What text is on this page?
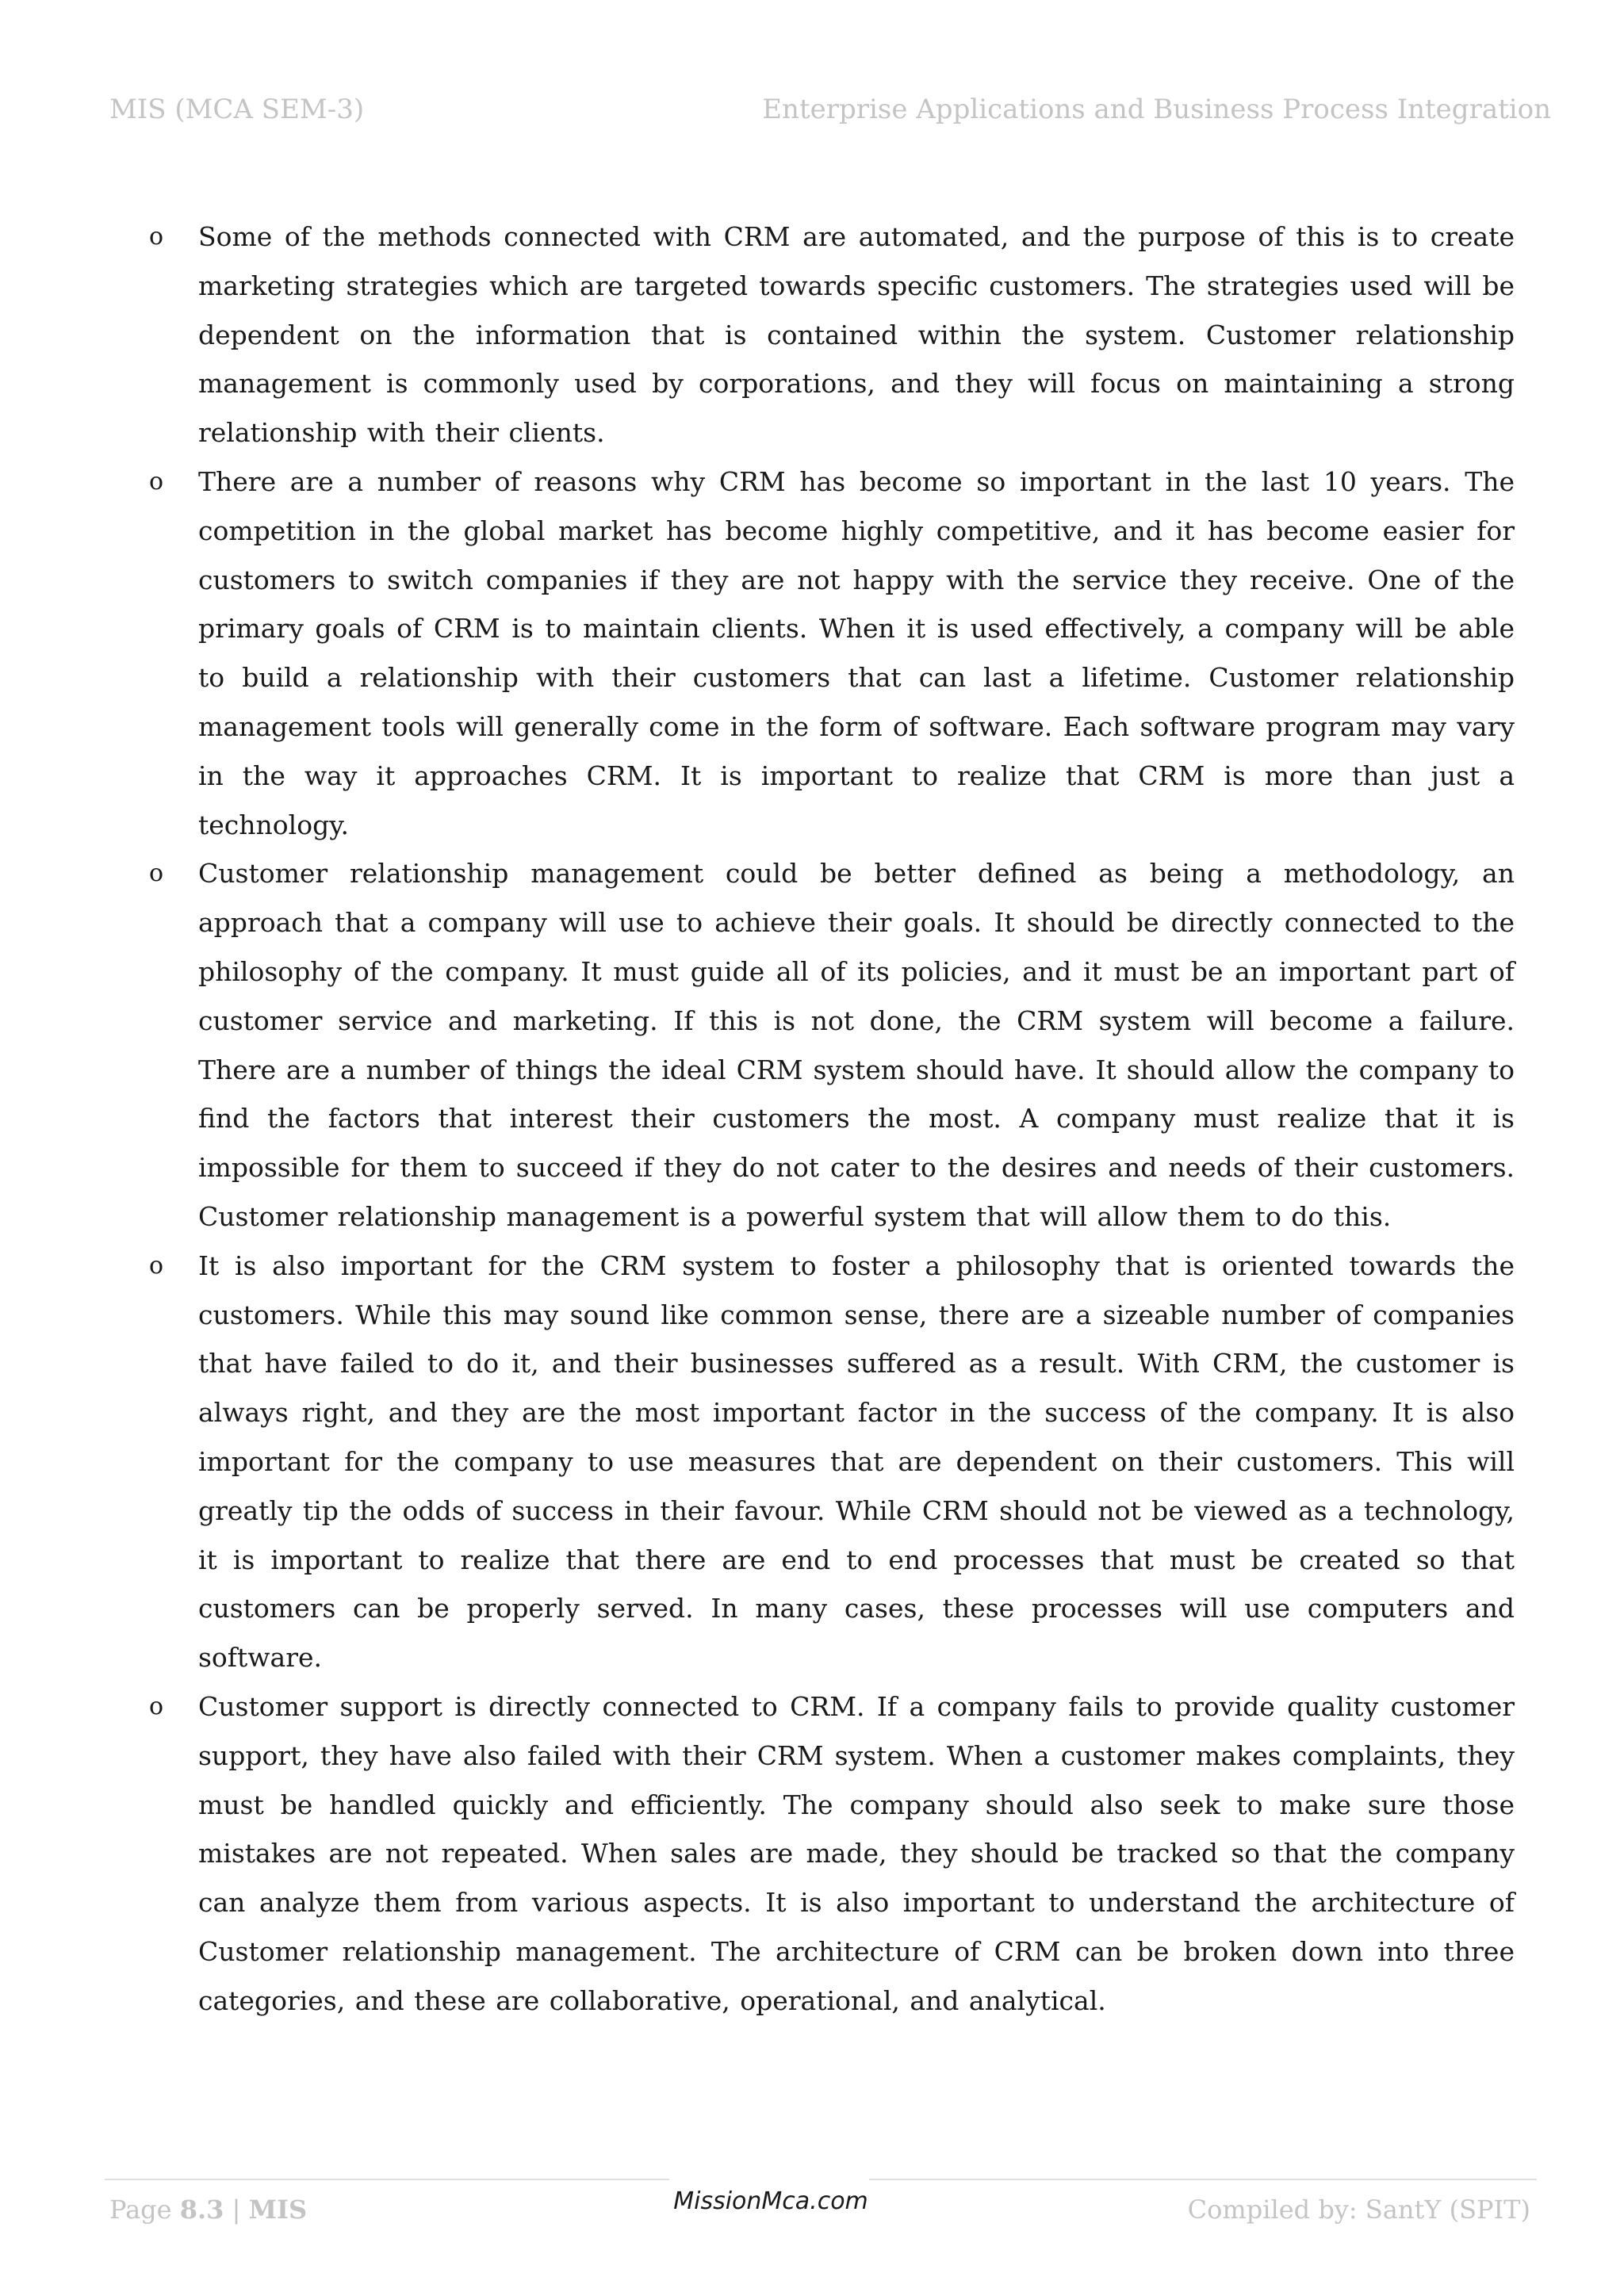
MIS (MCA SEM-3)	Enterprise Applications and Business Process Integration
o Some of the methods connected with CRM are automated, and the purpose of this is to create marketing strategies which are targeted towards specific customers. The strategies used will be dependent on the information that is contained within the system. Customer relationship management is commonly used by corporations, and they will focus on maintaining a strong relationship with their clients.

o There are a number of reasons why CRM has become so important in the last 10 years. The competition in the global market has become highly competitive, and it has become easier for customers to switch companies if they are not happy with the service they receive. One of the primary goals of CRM is to maintain clients. When it is used effectively, a company will be able to build a relationship with their customers that can last a lifetime. Customer relationship management tools will generally come in the form of software. Each software program may vary in the way it approaches CRM. It is important to realize that CRM is more than just a technology.

o Customer relationship management could be better defined as being a methodology, an approach that a company will use to achieve their goals. It should be directly connected to the philosophy of the company. It must guide all of its policies, and it must be an important part of customer service and marketing. If this is not done, the CRM system will become a failure. There are a number of things the ideal CRM system should have. It should allow the company to find the factors that interest their customers the most. A company must realize that it is impossible for them to succeed if they do not cater to the desires and needs of their customers. Customer relationship management is a powerful system that will allow them to do this.

o It is also important for the CRM system to foster a philosophy that is oriented towards the customers. While this may sound like common sense, there are a sizeable number of companies that have failed to do it, and their businesses suffered as a result. With CRM, the customer is always right, and they are the most important factor in the success of the company. It is also important for the company to use measures that are dependent on their customers. This will greatly tip the odds of success in their favour. While CRM should not be viewed as a technology, it is important to realize that there are end to end processes that must be created so that customers can be properly served. In many cases, these processes will use computers and software.

o Customer support is directly connected to CRM. If a company fails to provide quality customer support, they have also failed with their CRM system. When a customer makes complaints, they must be handled quickly and efficiently. The company should also seek to make sure those mistakes are not repeated. When sales are made, they should be tracked so that the company can analyze them from various aspects. It is also important to understand the architecture of Customer relationship management. The architecture of CRM can be broken down into three categories, and these are collaborative, operational, and analytical.

MissionMca.com
Page 8.3 | MIS	Compiled by: SantY (SPIT)
